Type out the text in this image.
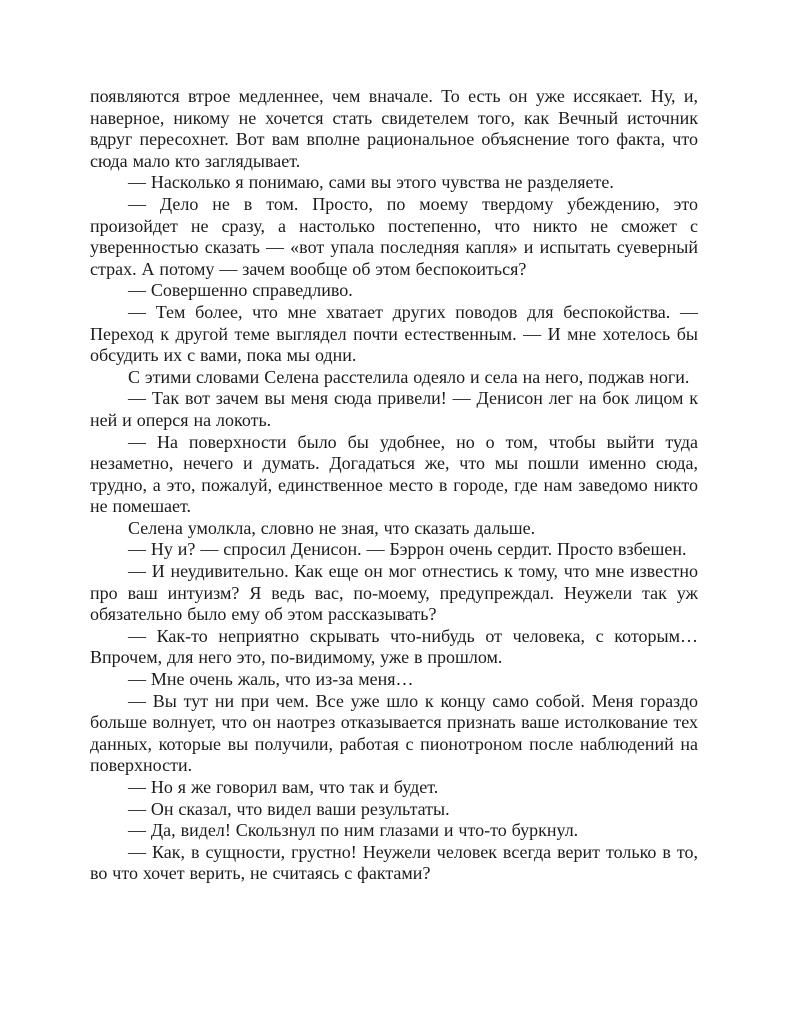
появляются втрое медленнее, чем вначале. То есть он уже иссякает. Ну, и, наверное, никому не хочется стать свидетелем того, как Вечный источник вдруг пересохнет. Вот вам вполне рациональное объяснение того факта, что сюда мало кто заглядывает.

— Насколько я понимаю, сами вы этого чувства не разделяете.

— Дело не в том. Просто, по моему твердому убеждению, это произойдет не сразу, а настолько постепенно, что никто не сможет с уверенностью сказать — «вот упала последняя капля» и испытать суеверный страх. А потому — зачем вообще об этом беспокоиться?

— Совершенно справедливо.

— Тем более, что мне хватает других поводов для беспокойства. — Переход к другой теме выглядел почти естественным. — И мне хотелось бы обсудить их с вами, пока мы одни.

С этими словами Селена расстелила одеяло и села на него, поджав ноги.

— Так вот зачем вы меня сюда привели! — Денисон лег на бок лицом к ней и оперся на локоть.

— На поверхности было бы удобнее, но о том, чтобы выйти туда незаметно, нечего и думать. Догадаться же, что мы пошли именно сюда, трудно, а это, пожалуй, единственное место в городе, где нам заведомо никто не помешает.

Селена умолкла, словно не зная, что сказать дальше.

— Ну и? — спросил Денисон. — Бэррон очень сердит. Просто взбешен.

— И неудивительно. Как еще он мог отнестись к тому, что мне известно про ваш интуизм? Я ведь вас, по-моему, предупреждал. Неужели так уж обязательно было ему об этом рассказывать?

— Как-то неприятно скрывать что-нибудь от человека, с которым… Впрочем, для него это, по-видимому, уже в прошлом.

— Мне очень жаль, что из-за меня…

— Вы тут ни при чем. Все уже шло к концу само собой. Меня гораздо больше волнует, что он наотрез отказывается признать ваше истолкование тех данных, которые вы получили, работая с пионотроном после наблюдений на поверхности.

— Но я же говорил вам, что так и будет.

— Он сказал, что видел ваши результаты.

— Да, видел! Скользнул по ним глазами и что-то буркнул.

— Как, в сущности, грустно! Неужели человек всегда верит только в то, во что хочет верить, не считаясь с фактами?
